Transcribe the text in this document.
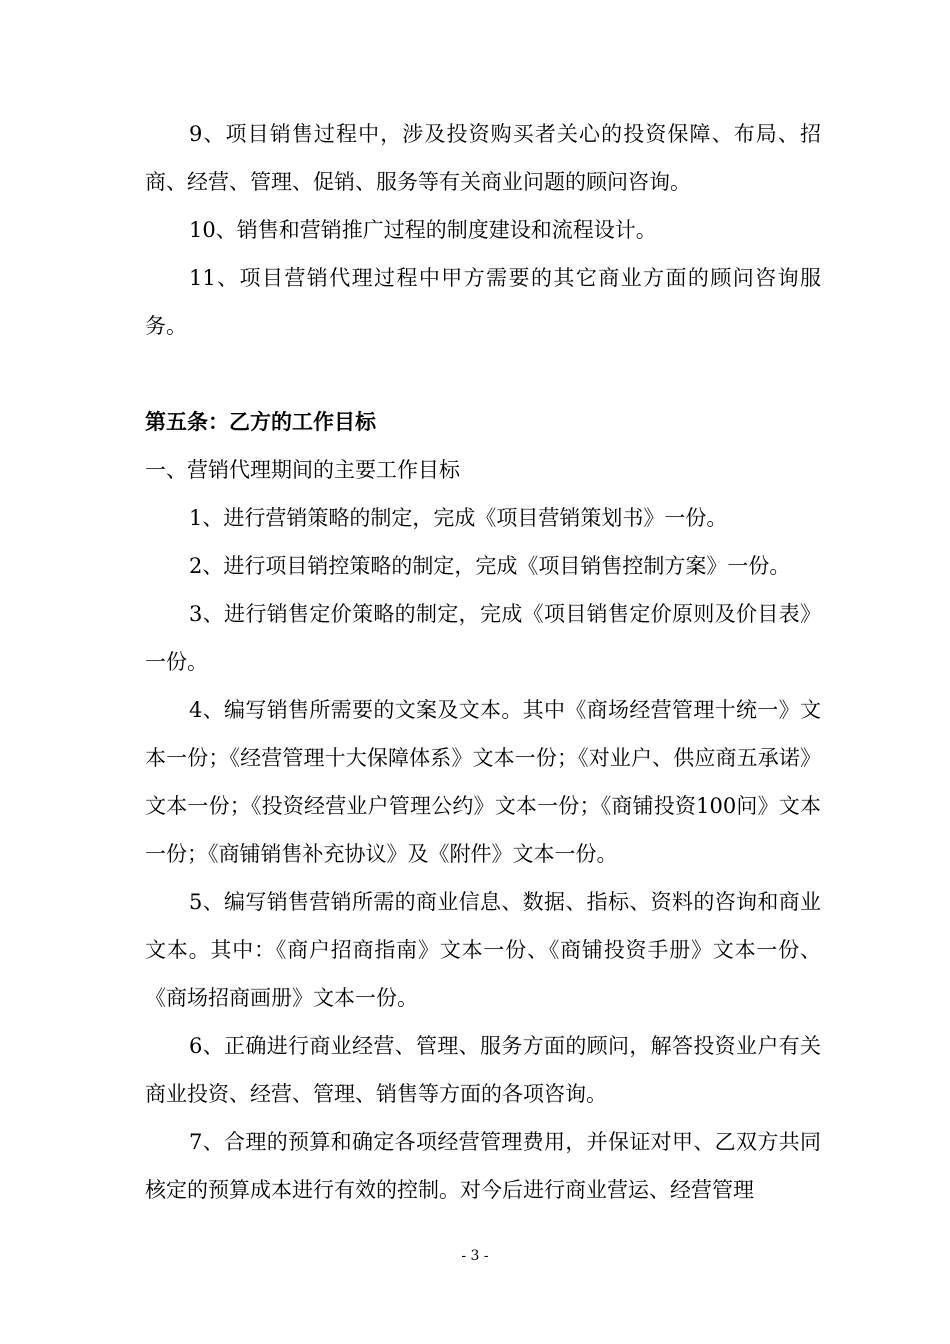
9、项目销售过程中，涉及投资购买者关心的投资保障、布局、招商、经营、管理、促销、服务等有关商业问题的顾问咨询。

10、销售和营销推广过程的制度建设和流程设计。

11、项目营销代理过程中甲方需要的其它商业方面的顾问咨询服务。

第五条：乙方的工作目标

一、营销代理期间的主要工作目标

1、进行营销策略的制定，完成《项目营销策划书》一份。

2、进行项目销控策略的制定，完成《项目销售控制方案》一份。

3、进行销售定价策略的制定，完成《项目销售定价原则及价目表》一份。

4、编写销售所需要的文案及文本。其中《商场经营管理十统一》文本一份；《经营管理十大保障体系》文本一份；《对业户、供应商五承诺》文本一份；《投资经营业户管理公约》文本一份；《商铺投资100问》文本一份；《商铺销售补充协议》及《附件》文本一份。

5、编写销售营销所需的商业信息、数据、指标、资料的咨询和商业文本。其中：《商户招商指南》文本一份、《商铺投资手册》文本一份、《商场招商画册》文本一份。

6、正确进行商业经营、管理、服务方面的顾问，解答投资业户有关商业投资、经营、管理、销售等方面的各项咨询。

7、合理的预算和确定各项经营管理费用，并保证对甲、乙双方共同核定的预算成本进行有效的控制。对今后进行商业营运、经营管理

- 3 -
